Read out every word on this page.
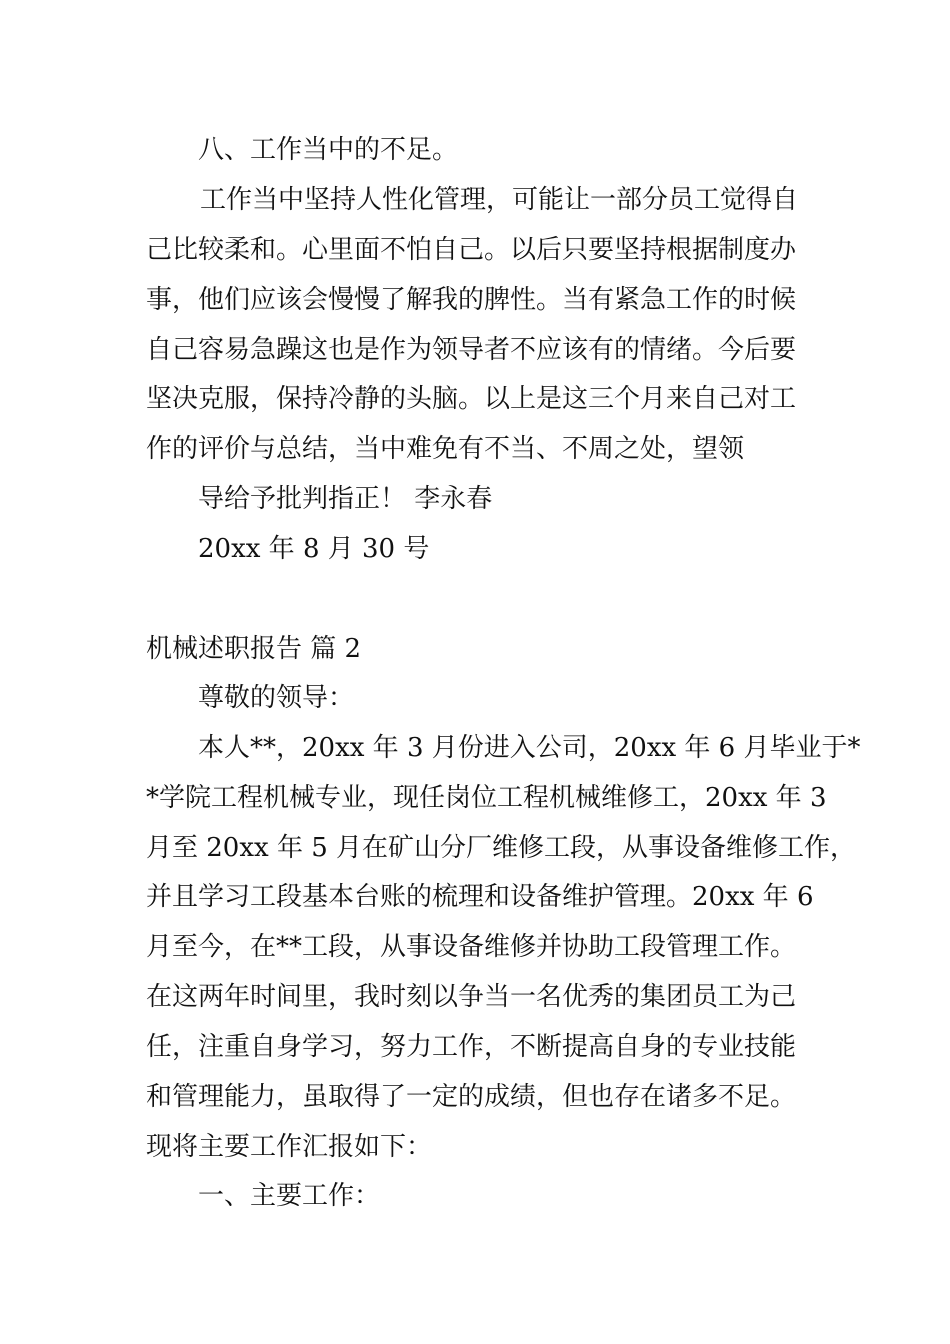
八、工作当中的不足。

工作当中坚持人性化管理，可能让一部分员工觉得自

己比较柔和。心里面不怕自己。以后只要坚持根据制度办

事，他们应该会慢慢了解我的脾性。当有紧急工作的时候

自己容易急躁这也是作为领导者不应该有的情绪。今后要

坚决克服，保持冷静的头脑。以上是这三个月来自己对工

作的评价与总结，当中难免有不当、不周之处，望领

导给予批判指正！ 李永春

20xx 年 8 月 30 号

机械述职报告 篇 2

尊敬的领导：

本人**，20xx 年 3 月份进入公司，20xx 年 6 月毕业于*

*学院工程机械专业，现任岗位工程机械维修工，20xx 年 3

月至 20xx 年 5 月在矿山分厂维修工段，从事设备维修工作，

并且学习工段基本台账的梳理和设备维护管理。20xx 年 6

月至今，在**工段，从事设备维修并协助工段管理工作。

在这两年时间里，我时刻以争当一名优秀的集团员工为己

任，注重自身学习，努力工作，不断提高自身的专业技能

和管理能力，虽取得了一定的成绩，但也存在诸多不足。

现将主要工作汇报如下：

一、主要工作：
